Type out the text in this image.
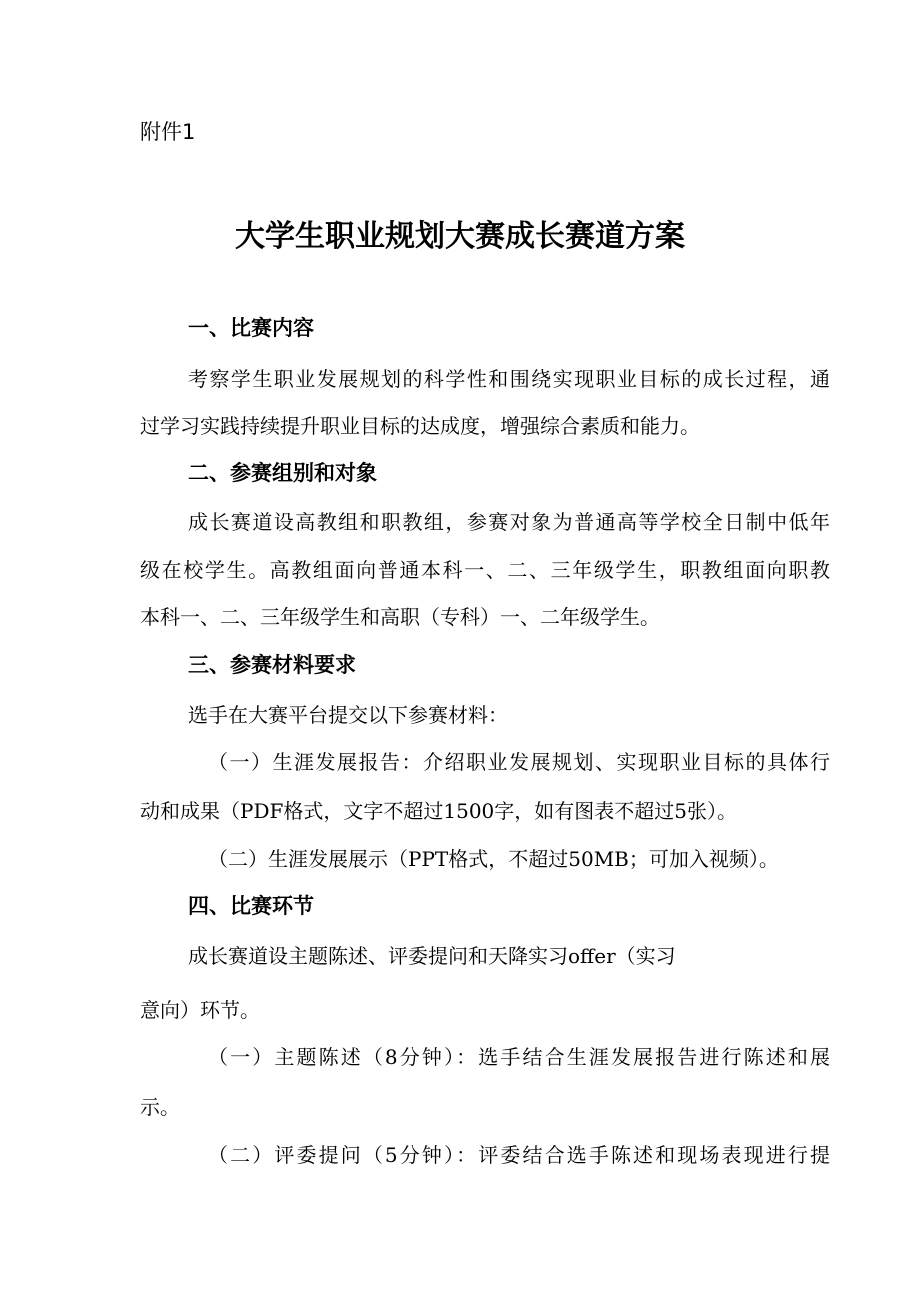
附件1
大学生职业规划大赛成长赛道方案
一、比赛内容
考察学生职业发展规划的科学性和围绕实现职业目标的成长过程，通
过学习实践持续提升职业目标的达成度，增强综合素质和能力。
二、参赛组别和对象
成长赛道设高教组和职教组，参赛对象为普通高等学校全日制中低年
级在校学生。高教组面向普通本科一、二、三年级学生，职教组面向职教
本科一、二、三年级学生和高职（专科）一、二年级学生。
三、参赛材料要求
选手在大赛平台提交以下参赛材料：
（一）生涯发展报告：介绍职业发展规划、实现职业目标的具体行
动和成果（PDF格式，文字不超过1500字，如有图表不超过5张）。
（二）生涯发展展示（PPT格式，不超过50MB；可加入视频）。
四、比赛环节
成长赛道设主题陈述、评委提问和天降实习offer（实习
意向）环节。
（一）主题陈述（8分钟）：选手结合生涯发展报告进行陈述和展
示。
（二）评委提问（5分钟）：评委结合选手陈述和现场表现进行提
